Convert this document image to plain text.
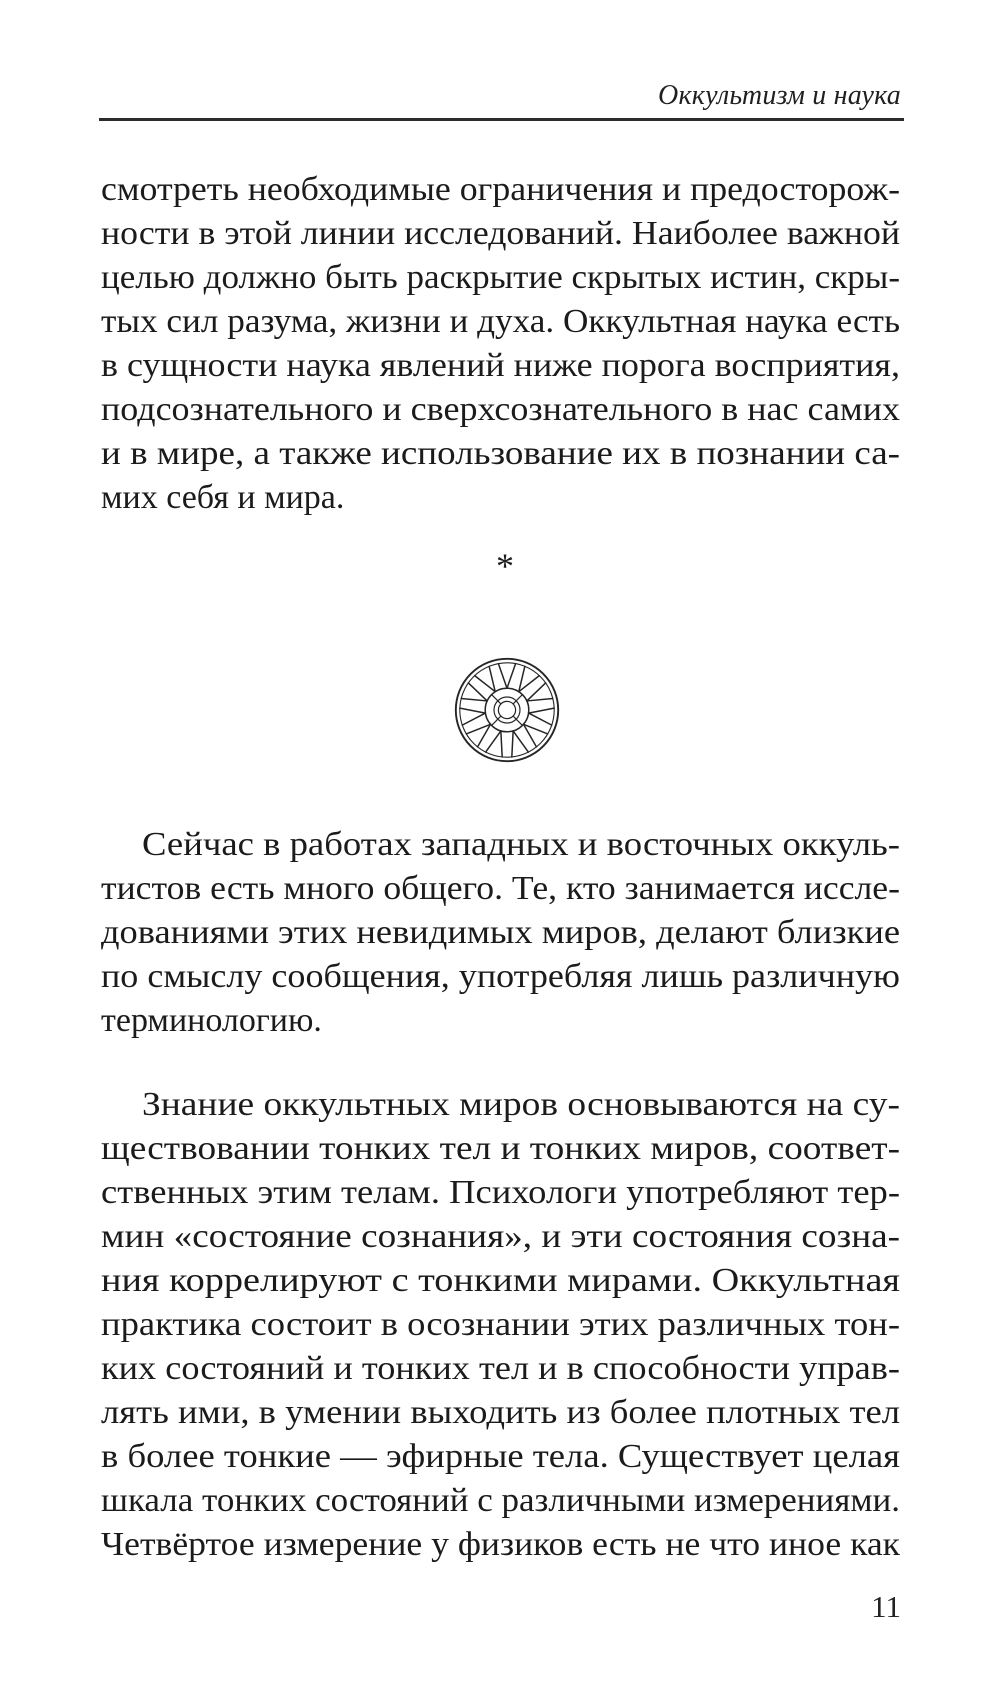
Оккультизм и наука
смотреть необходимые ограничения и предосторож-
ности в этой линии исследований. Наиболее важной
целью должно быть раскрытие скрытых истин, скры-
тых сил разума, жизни и духа. Оккультная наука есть
в сущности наука явлений ниже порога восприятия,
подсознательного и сверхсознательного в нас самих
и в мире, а также использование их в познании са-
мих себя и мира.
*
Сейчас в работах западных и восточных оккуль-
тистов есть много общего. Те, кто занимается иссле-
дованиями этих невидимых миров, делают близкие
по смыслу сообщения, употребляя лишь различную
терминологию.
Знание оккультных миров основываются на су-
ществовании тонких тел и тонких миров, соответ-
ственных этим телам. Психологи употребляют тер-
мин «состояние сознания», и эти состояния созна-
ния коррелируют с тонкими мирами. Оккультная
практика состоит в осознании этих различных тон-
ких состояний и тонких тел и в способности управ-
лять ими, в умении выходить из более плотных тел
в более тонкие — эфирные тела. Существует целая
шкала тонких состояний с различными измерениями.
Четвёртое измерение у физиков есть не что иное как
11
